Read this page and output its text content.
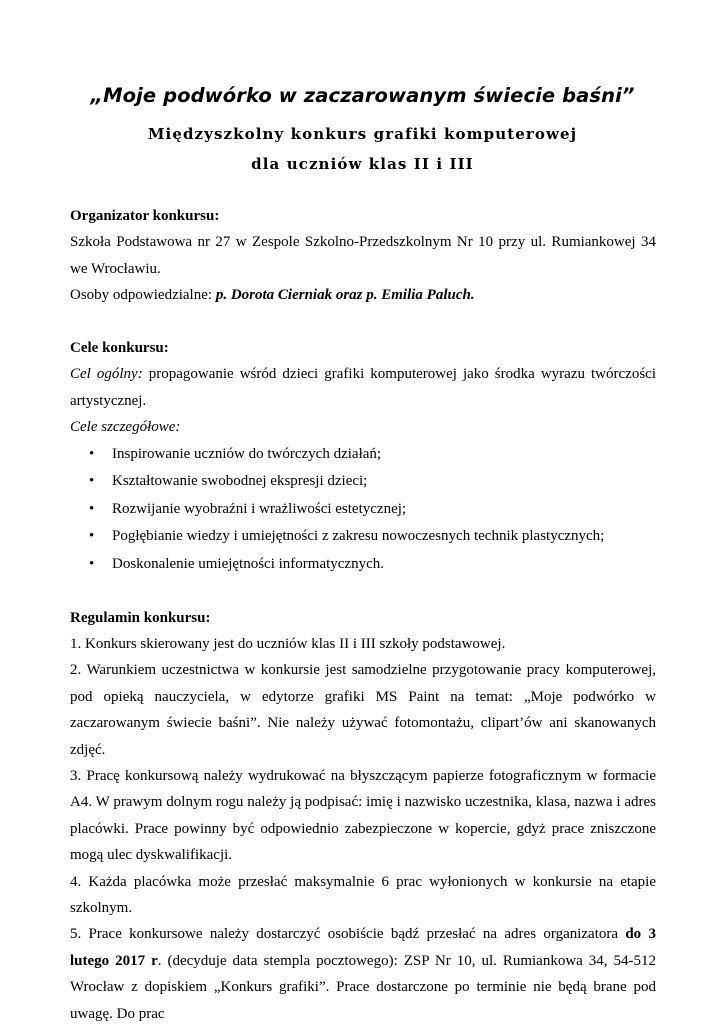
„Moje podwórko w zaczarowanym świecie baśni”
Międzyszkolny konkurs grafiki komputerowej
dla uczniów klas II i III

Organizator konkursu:

Szkoła Podstawowa nr 27 w Zespole Szkolno-Przedszkolnym Nr 10 przy ul. Rumiankowej 34 we Wrocławiu.

Osoby odpowiedzialne: p. Dorota Cierniak oraz p. Emilia Paluch.

Cele konkursu:

Cel ogólny: propagowanie wśród dzieci grafiki komputerowej jako środka wyrazu twórczości artystycznej.

Cele szczegółowe:

• Inspirowanie uczniów do twórczych działań;
• Kształtowanie swobodnej ekspresji dzieci;
• Rozwijanie wyobraźni i wrażliwości estetycznej;
• Pogłębianie wiedzy i umiejętności z zakresu nowoczesnych technik plastycznych;
• Doskonalenie umiejętności informatycznych.

Regulamin konkursu:

1. Konkurs skierowany jest do uczniów klas II i III szkoły podstawowej.

2. Warunkiem uczestnictwa w konkursie jest samodzielne przygotowanie pracy komputerowej, pod opieką nauczyciela, w edytorze grafiki MS Paint na temat: „Moje podwórko w zaczarowanym świecie baśni”. Nie należy używać fotomontażu, clipart’ów ani skanowanych zdjęć.

3. Pracę konkursową należy wydrukować na błyszczącym papierze fotograficznym w formacie A4. W prawym dolnym rogu należy ją podpisać: imię i nazwisko uczestnika, klasa, nazwa i adres placówki. Prace powinny być odpowiednio zabezpieczone w kopercie, gdyż prace zniszczone mogą ulec dyskwalifikacji.

4. Każda placówka może przesłać maksymalnie 6 prac wyłonionych w konkursie na etapie szkolnym.

5. Prace konkursowe należy dostarczyć osobiście bądź przesłać na adres organizatora do 3 lutego 2017 r. (decyduje data stempla pocztowego): ZSP Nr 10, ul. Rumiankowa 34, 54-512 Wrocław z dopiskiem „Konkurs grafiki”. Prace dostarczone po terminie nie będą brane pod uwagę. Do prac
